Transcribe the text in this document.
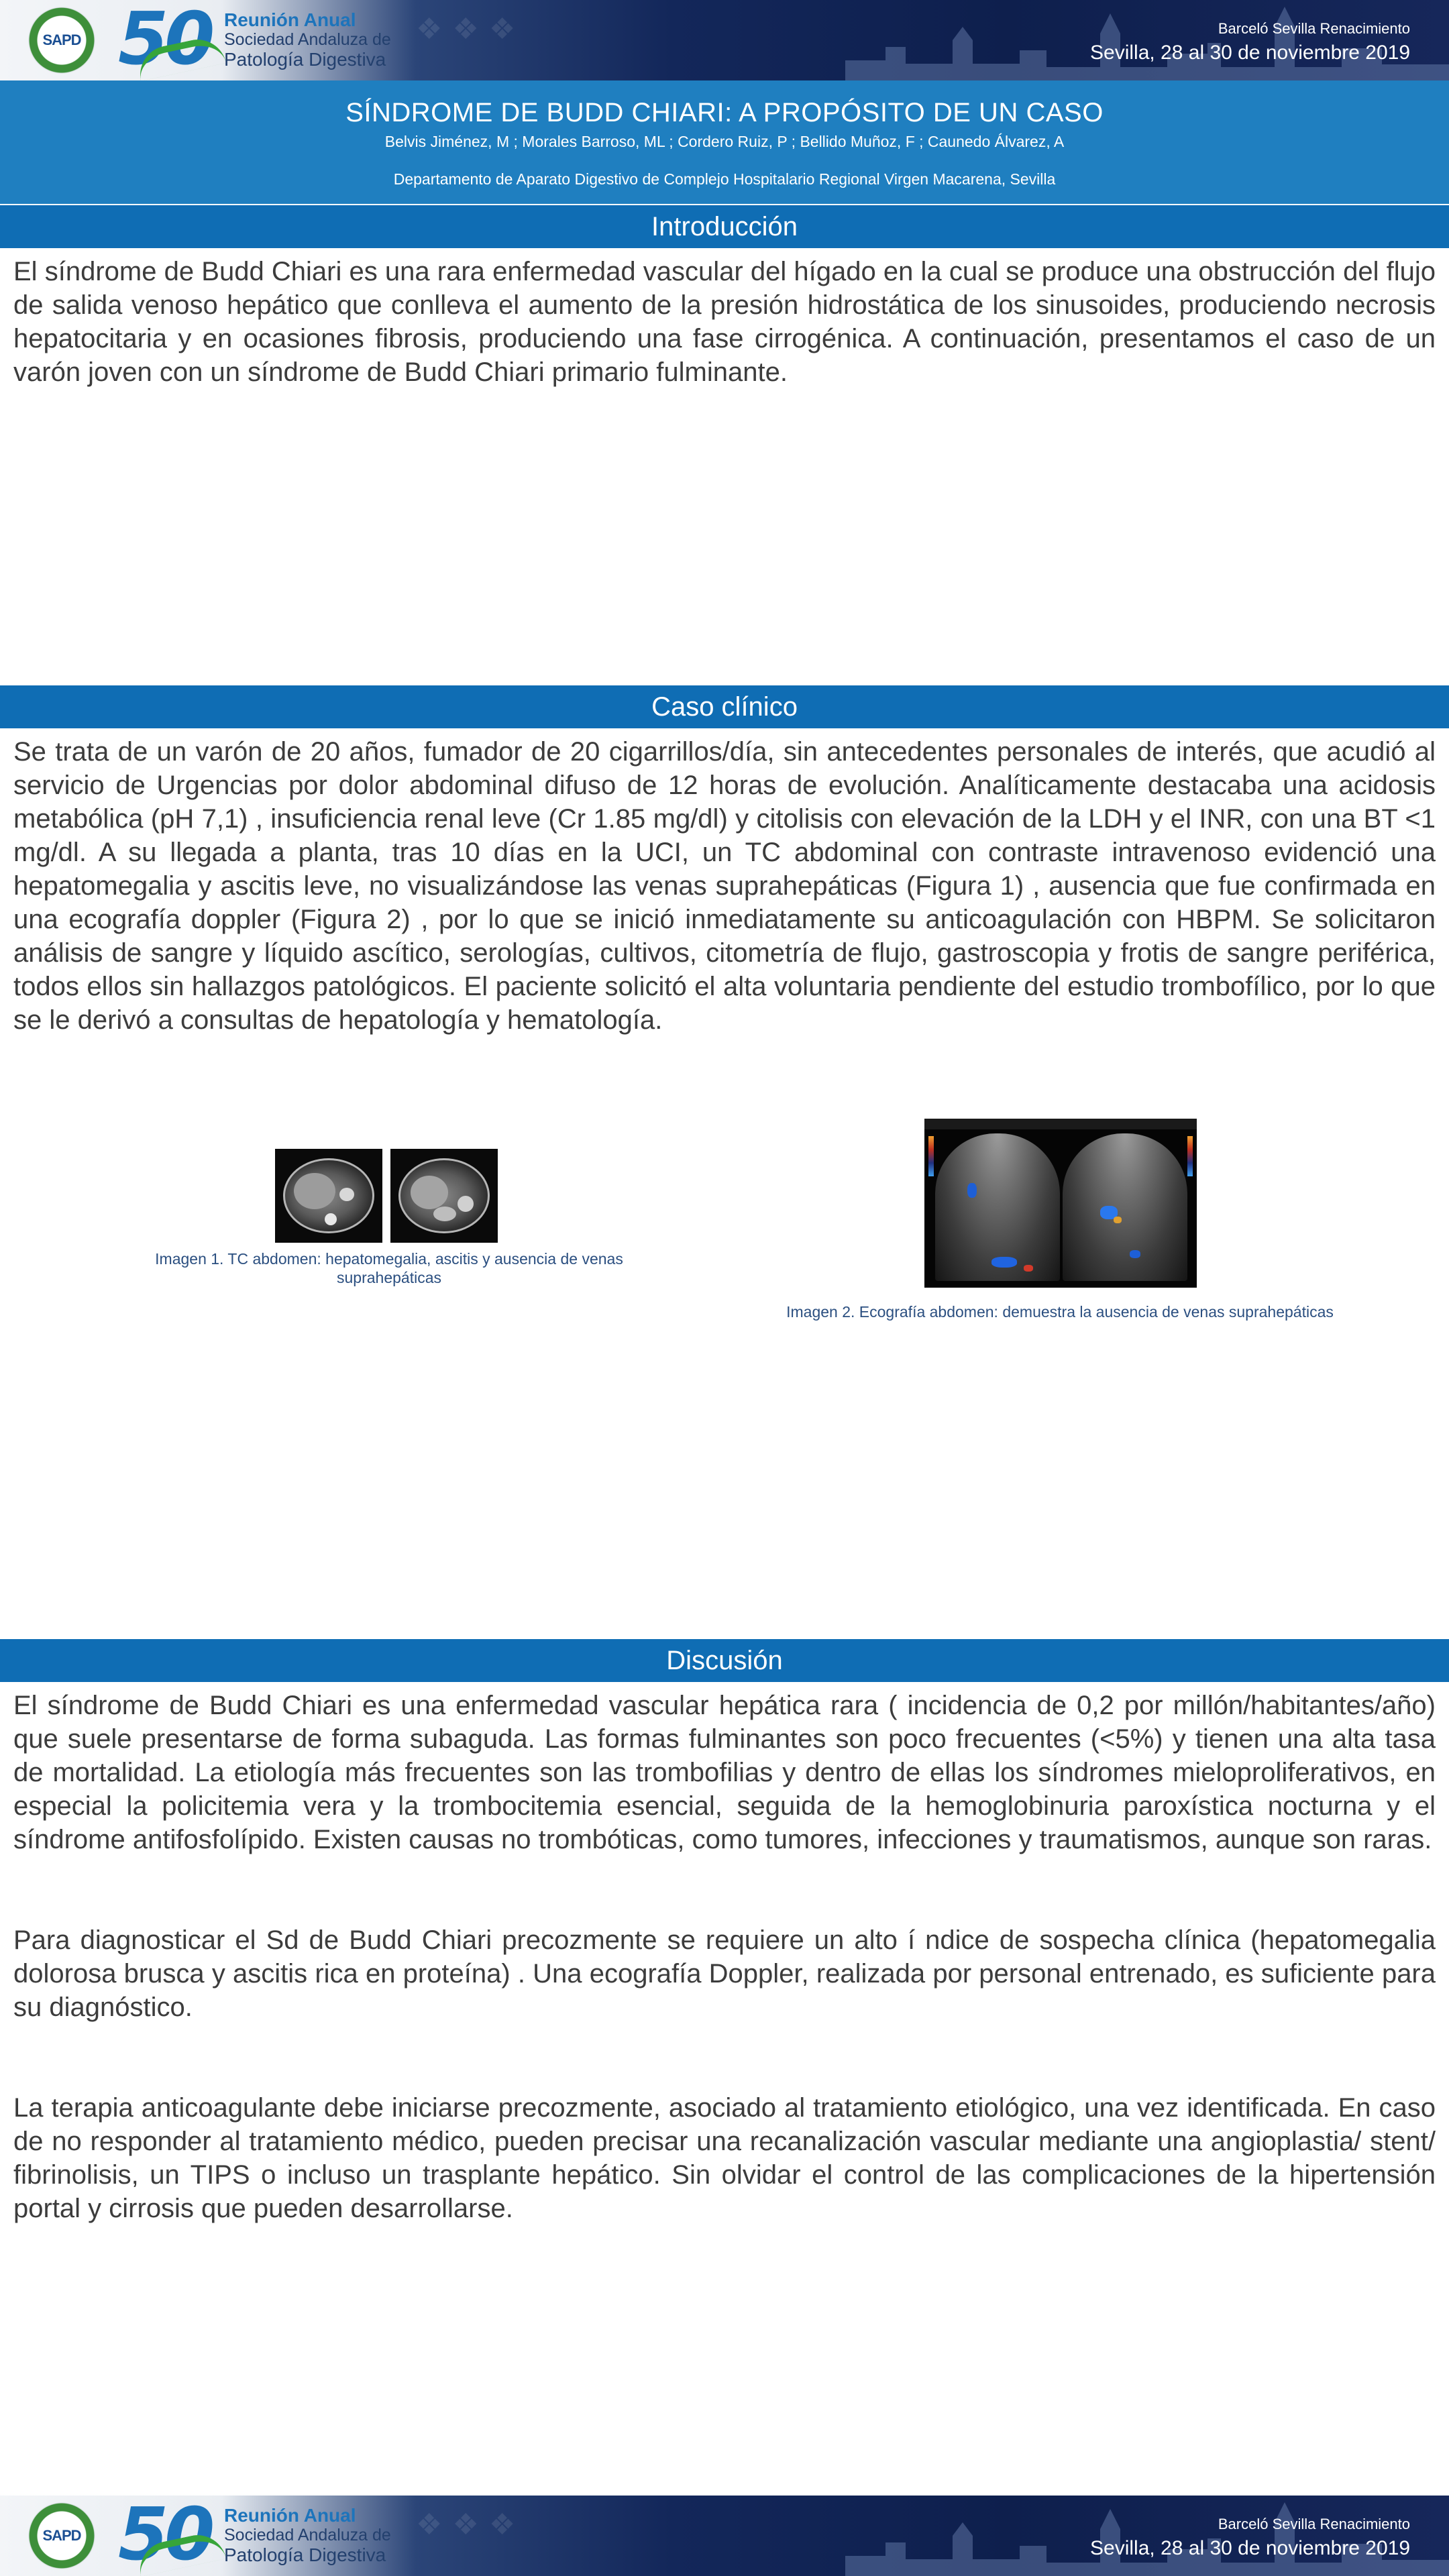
❖ ❖ ❖
SAPD 50 Reunión Anual
Sociedad Andaluza de
Patología Digestiva
Barceló Sevilla Renacimiento
Sevilla, 28 al 30 de noviembre 2019
SÍNDROME DE BUDD CHIARI: A PROPÓSITO DE UN CASO
Belvis Jiménez, M ; Morales Barroso, ML ; Cordero Ruiz, P ; Bellido Muñoz, F ; Caunedo Álvarez, A
Departamento de Aparato Digestivo de Complejo Hospitalario Regional Virgen Macarena, Sevilla
Introducción

El síndrome de Budd Chiari es una rara enfermedad vascular del hígado en la cual se produce una obstrucción del flujo de salida venoso hepático que conlleva el aumento de la presión hidrostática de los sinusoides, produciendo necrosis hepatocitaria y en ocasiones fibrosis, produciendo una fase cirrogénica. A continuación, presentamos el caso de un varón joven con un síndrome de Budd Chiari primario fulminante.

Caso clínico

Se trata de un varón de 20 años, fumador de 20 cigarrillos/día, sin antecedentes personales de interés, que acudió al servicio de Urgencias por dolor abdominal difuso de 12 horas de evolución. Analíticamente destacaba una acidosis metabólica (pH 7,1) , insuficiencia renal leve (Cr 1.85 mg/dl) y citolisis con elevación de la LDH y el INR, con una BT <1 mg/dl. A su llegada a planta, tras 10 días en la UCI, un TC abdominal con contraste intravenoso evidenció una hepatomegalia y ascitis leve, no visualizándose las venas suprahepáticas (Figura 1) , ausencia que fue confirmada en una ecografía doppler (Figura 2) , por lo que se inició inmediatamente su anticoagulación con HBPM. Se solicitaron análisis de sangre y líquido ascítico, serologías, cultivos, citometría de flujo, gastroscopia y frotis de sangre periférica, todos ellos sin hallazgos patológicos. El paciente solicitó el alta voluntaria pendiente del estudio trombofílico, por lo que se le derivó a consultas de hepatología y hematología.

Imagen 1. TC abdomen: hepatomegalia, ascitis y ausencia de venas suprahepáticas
Imagen 2. Ecografía abdomen: demuestra la ausencia de venas suprahepáticas
Discusión

El síndrome de Budd Chiari es una enfermedad vascular hepática rara ( incidencia de 0,2 por millón/habitantes/año) que suele presentarse de forma subaguda. Las formas fulminantes son poco frecuentes (<5%) y tienen una alta tasa de mortalidad. La etiología más frecuentes son las trombofilias y dentro de ellas los síndromes mieloproliferativos, en especial la policitemia vera y la trombocitemia esencial, seguida de la hemoglobinuria paroxística nocturna y el síndrome antifosfolípido. Existen causas no trombóticas, como tumores, infecciones y traumatismos, aunque son raras.

Para diagnosticar el Sd de Budd Chiari precozmente se requiere un alto í ndice de sospecha clínica (hepatomegalia dolorosa brusca y ascitis rica en proteína) . Una ecografía Doppler, realizada por personal entrenado, es suficiente para su diagnóstico.

La terapia anticoagulante debe iniciarse precozmente, asociado al tratamiento etiológico, una vez identificada. En caso de no responder al tratamiento médico, pueden precisar una recanalización vascular mediante una angioplastia/ stent/ fibrinolisis, un TIPS o incluso un trasplante hepático. Sin olvidar el control de las complicaciones de la hipertensión portal y cirrosis que pueden desarrollarse.

❖ ❖ ❖
SAPD 50 Reunión Anual
Sociedad Andaluza de
Patología Digestiva
Barceló Sevilla Renacimiento
Sevilla, 28 al 30 de noviembre 2019
